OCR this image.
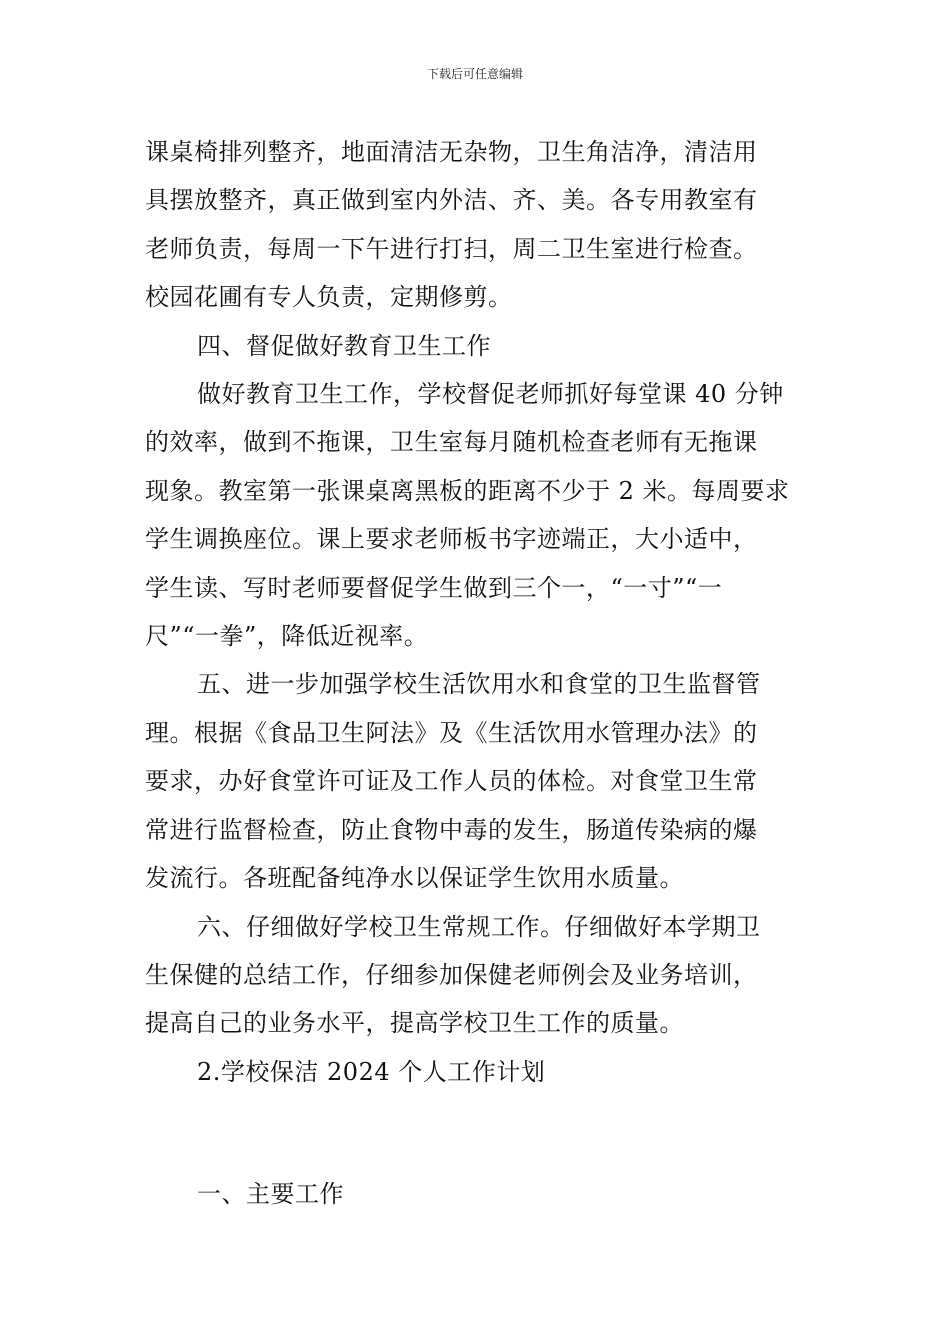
下载后可任意编辑

课桌椅排列整齐，地面清洁无杂物，卫生角洁净，清洁用
具摆放整齐，真正做到室内外洁、齐、美。各专用教室有
老师负责，每周一下午进行打扫，周二卫生室进行检查。
校园花圃有专人负责，定期修剪。

四、督促做好教育卫生工作

做好教育卫生工作，学校督促老师抓好每堂课 40 分钟
的效率，做到不拖课，卫生室每月随机检查老师有无拖课
现象。教室第一张课桌离黑板的距离不少于 2 米。每周要求
学生调换座位。课上要求老师板书字迹端正，大小适中，
学生读、写时老师要督促学生做到三个一，“一寸”“一
尺”“一拳”，降低近视率。

五、进一步加强学校生活饮用水和食堂的卫生监督管
理。根据《食品卫生阿法》及《生活饮用水管理办法》的
要求，办好食堂许可证及工作人员的体检。对食堂卫生常
常进行监督检查，防止食物中毒的发生，肠道传染病的爆
发流行。各班配备纯净水以保证学生饮用水质量。

六、仔细做好学校卫生常规工作。仔细做好本学期卫
生保健的总结工作，仔细参加保健老师例会及业务培训，
提高自己的业务水平，提高学校卫生工作的质量。

2.学校保洁 2024 个人工作计划

一、主要工作
